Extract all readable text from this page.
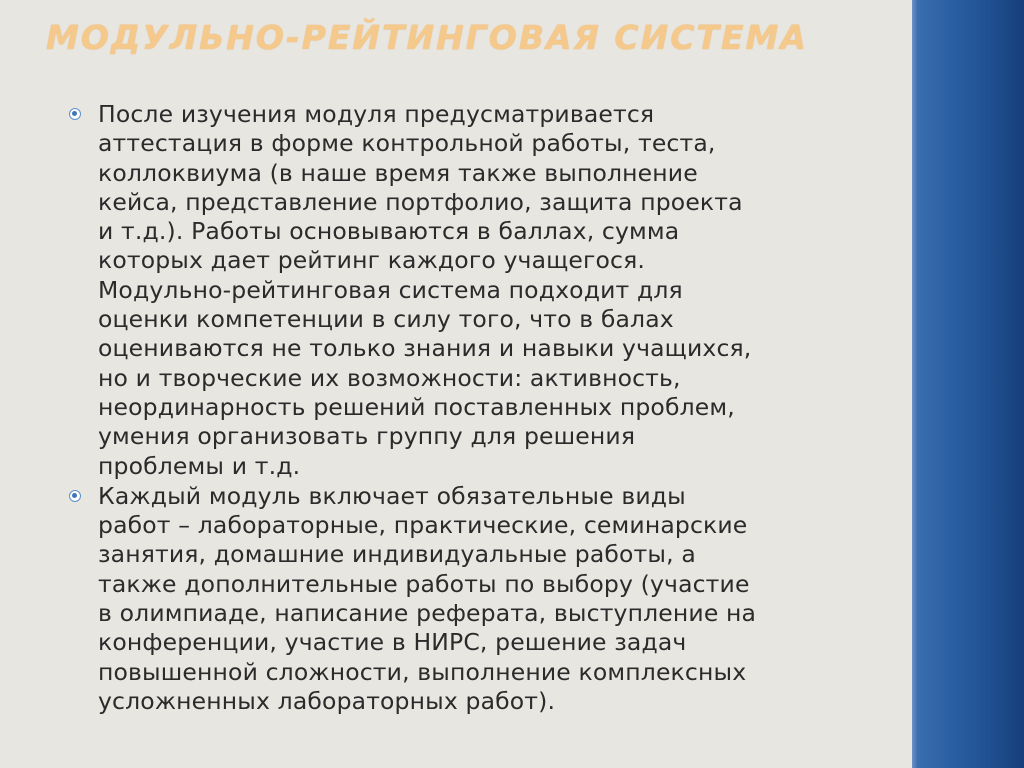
МОДУЛЬНО-РЕЙТИНГОВАЯ СИСТЕМА
После изучения модуля предусматривается
аттестация в форме контрольной работы, теста,
коллоквиума (в наше время также выполнение
кейса, представление портфолио, защита проекта
и т.д.). Работы основываются в баллах, сумма
которых дает рейтинг каждого учащегося.
Модульно-рейтинговая система подходит для
оценки компетенции в силу того, что в балах
оцениваются не только знания и навыки учащихся,
но и творческие их возможности: активность,
неординарность решений поставленных проблем,
умения организовать группу для решения
проблемы и т.д.
Каждый модуль включает обязательные виды
работ – лабораторные, практические, семинарские
занятия, домашние индивидуальные работы, а
также дополнительные работы по выбору (участие
в олимпиаде, написание реферата, выступление на
конференции, участие в НИРС, решение задач
повышенной сложности, выполнение комплексных
усложненных лабораторных работ).
